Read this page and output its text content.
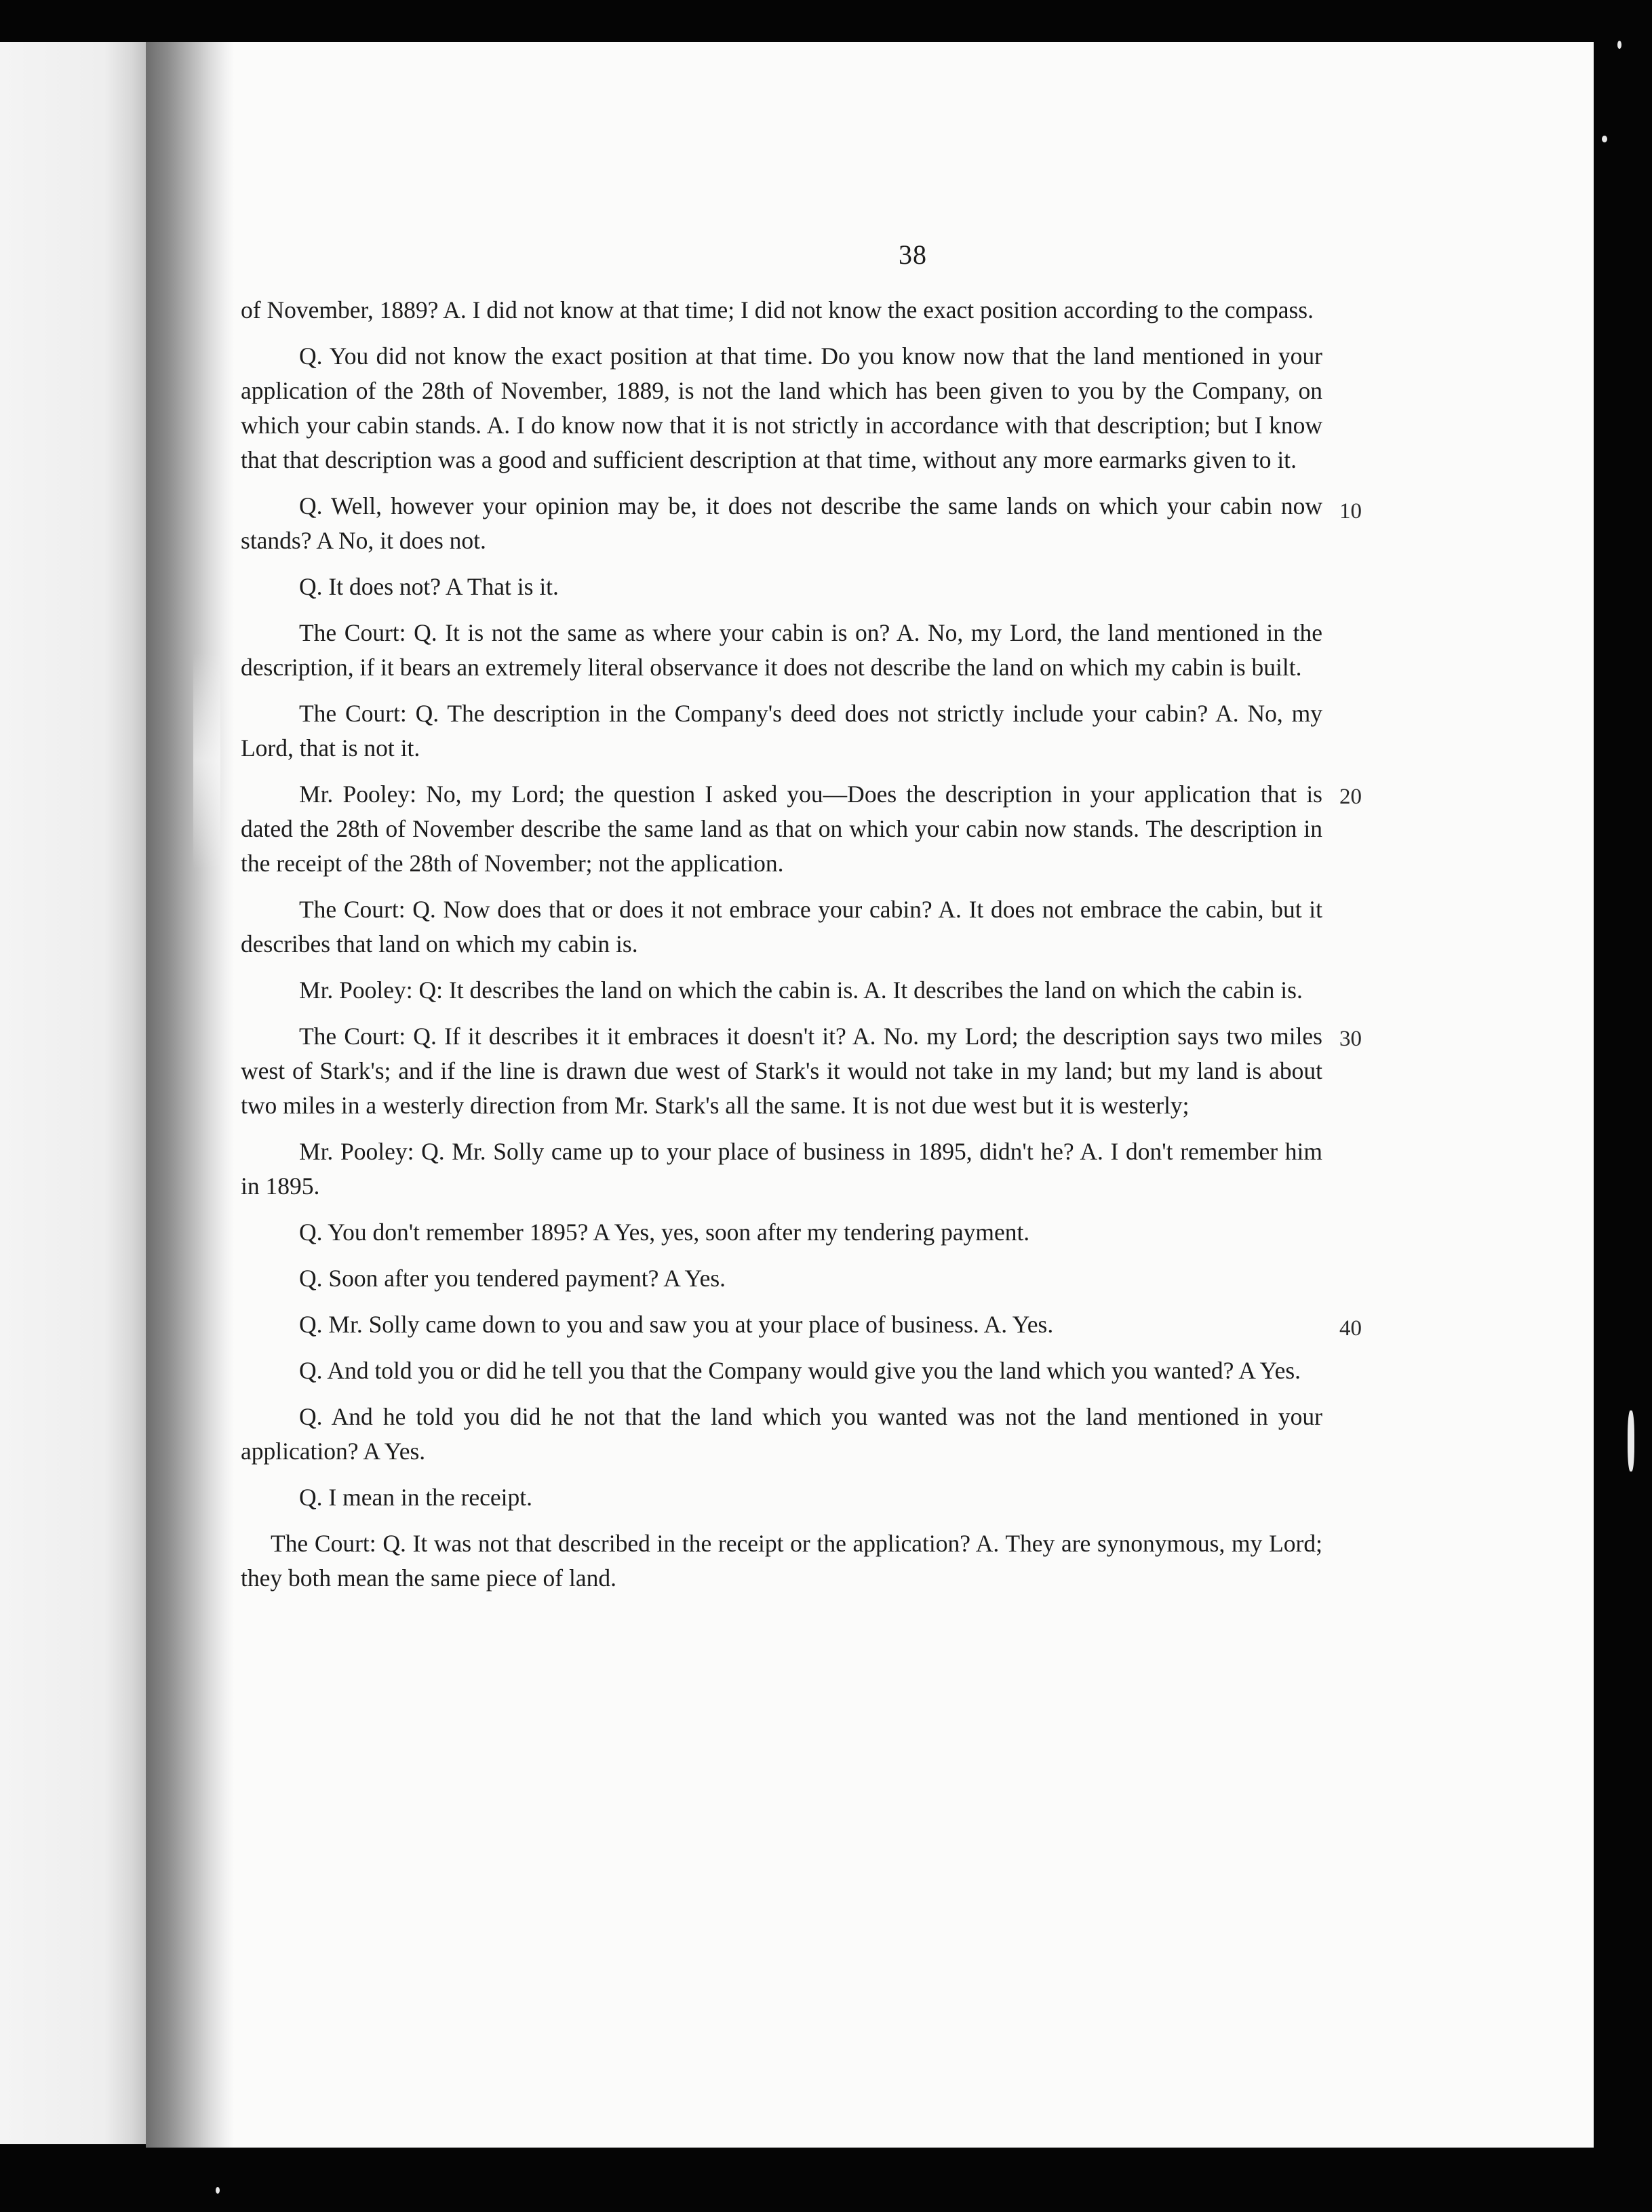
38

of November, 1889? A. I did not know at that time; I did not know the exact position according to the compass.

Q. You did not know the exact position at that time. Do you know now that the land mentioned in your application of the 28th of November, 1889, is not the land which has been given to you by the Company, on which your cabin stands. A. I do know now that it is not strictly in accordance with that description; but I know that that description was a good and sufficient description at that time, without any more earmarks given to it.

Q. Well, however your opinion may be, it does not describe the same lands on which your cabin now stands? A No, it does not.
10

Q. It does not? A That is it.

The Court: Q. It is not the same as where your cabin is on? A. No, my Lord, the land mentioned in the description, if it bears an extremely literal observance it does not describe the land on which my cabin is built.

The Court: Q. The description in the Company's deed does not strictly include your cabin? A. No, my Lord, that is not it.

Mr. Pooley: No, my Lord; the question I asked you—Does the description in your application that is dated the 28th of November describe the same land as that on which your cabin now stands. The description in the receipt of the 28th of November; not the application.
20

The Court: Q. Now does that or does it not embrace your cabin? A. It does not embrace the cabin, but it describes that land on which my cabin is.

Mr. Pooley: Q: It describes the land on which the cabin is. A. It describes the land on which the cabin is.

The Court: Q. If it describes it it embraces it doesn't it? A. No. my Lord; the description says two miles west of Stark's; and if the line is drawn due west of Stark's it would not take in my land; but my land is about two miles in a westerly direction from Mr. Stark's all the same. It is not due west but it is westerly;
30

Mr. Pooley: Q. Mr. Solly came up to your place of business in 1895, didn't he? A. I don't remember him in 1895.

Q. You don't remember 1895? A Yes, yes, soon after my tendering payment.

Q. Soon after you tendered payment? A Yes.

Q. Mr. Solly came down to you and saw you at your place of business. A. Yes.	40

Q. And told you or did he tell you that the Company would give you the land which you wanted? A Yes.

Q. And he told you did he not that the land which you wanted was not the land mentioned in your application? A Yes.

Q. I mean in the receipt.

The Court: Q. It was not that described in the receipt or the application? A. They are synonymous, my Lord; they both mean the same piece of land.
